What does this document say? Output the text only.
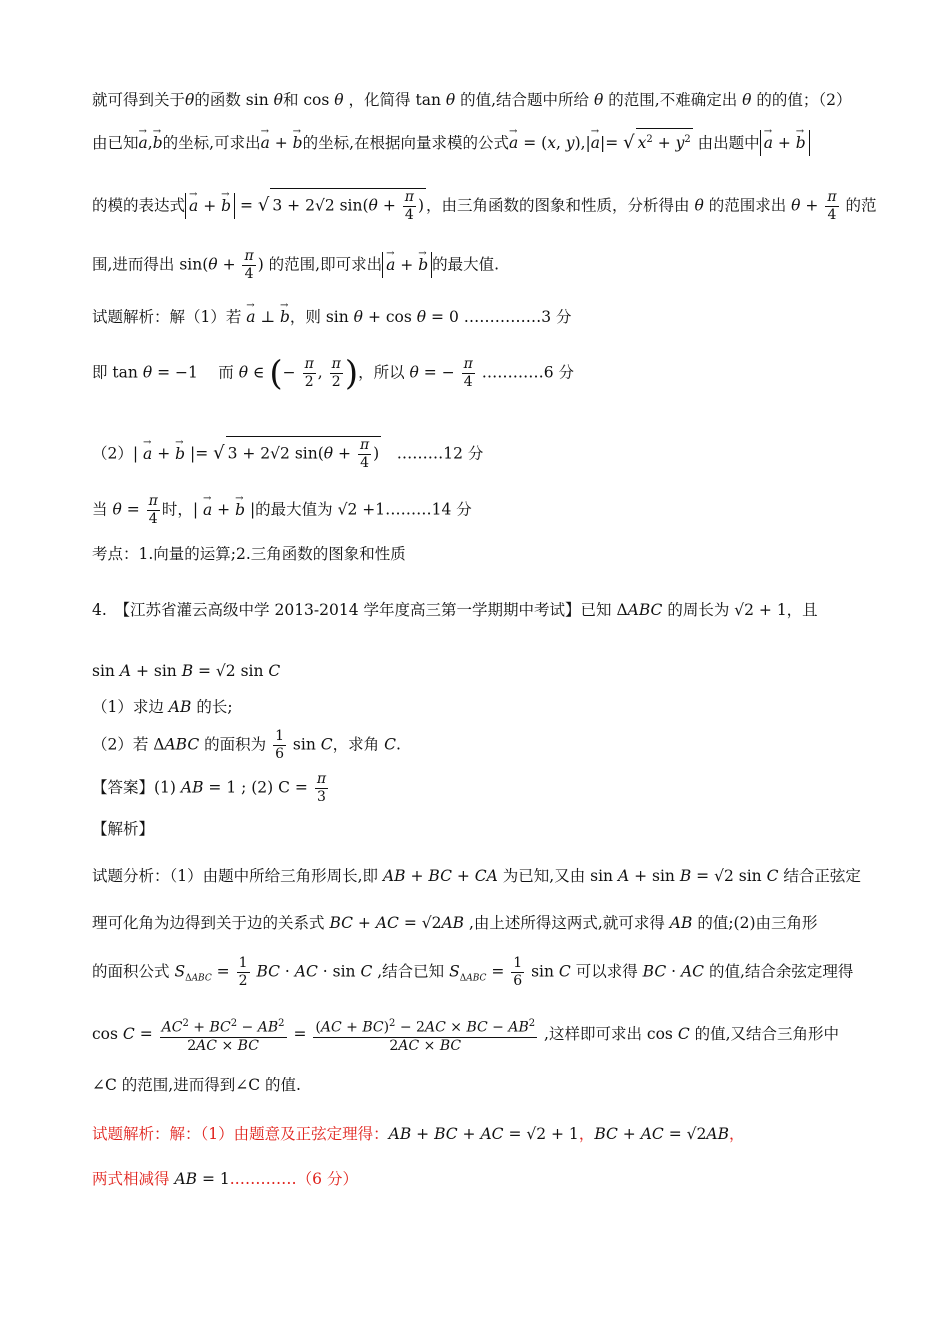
就可得到关于θ的函数 sin θ和 cos θ ，化简得 tan θ 的值,结合题中所给 θ 的范围,不难确定出 θ 的的值；（2）
由已知→ a,→ b的坐标,可求出→ a + → b的坐标,在根据向量求模的公式→ a = (x, y),|→ a|= √ $x^2 + y^2$ 由出题中 → a + → b
的模的表达式 → a + → b = √ 3 + 2√2 $\sin(\theta + \frac{\pi}{4}$ ) ，由三角函数的图象和性质，分析得由 θ 的范围求出 $\theta + \frac{\pi}{4}$ 的范
围,进而得出 $\sin(\theta + \frac{\pi}{4}$ ) 的范围,即可求出 → a + → b 的最大值.
试题解析：解（1）若 → a ⊥ → b，则 sin θ + cos θ = 0 ……………3 分
即 tan θ = −1　 而 θ ∈ (− $\frac{\pi}{2}$ , $\frac{\pi}{2}$ )，所以 θ = − $\frac{\pi}{4}$ …………6 分
（2）| → a + → b |= √ 3 + 2√2 $\sin(\theta + \frac{\pi}{4}$ )　………12 分
当 $\theta = \frac{\pi}{4}$ 时，| → a + → b |的最大值为 √2 +1………14 分
考点：1.向量的运算;2.三角函数的图象和性质
4.　【江苏省灌云高级中学 2013-2014 学年度高三第一学期期中考试】已知 ΔABC 的周长为 √2 + 1，且
sin A + sin B = √2 sin C
（1）求边 AB 的长;
（2）若 ΔABC 的面积为 $\frac{1}{6}$ sin C，求角 C.
【答案】(1) AB = 1 ; (2) $C = \frac{\pi}{3}$
【解析】
试题分析：（1）由题中所给三角形周长,即 AB + BC + CA 为已知,又由 sin A + sin B = √2 sin C 结合正弦定
理可化角为边得到关于边的关系式 BC + AC = √2AB ,由上述所得这两式,就可求得 AB 的值;(2)由三角形
的面积公式 $S_{\Delta ABC} = \frac{1}{2}$ BC · AC · sin C ,结合已知 $S_{\Delta ABC} = \frac{1}{6}$ sin C 可以求得 BC · AC 的值,结合余弦定理得
$\cos C = \frac{AC^2 + BC^2 - AB^2}{2AC \times BC} = \frac{(AC + BC)^2 - 2AC \times BC - AB^2}{2AC \times BC}$ ,这样即可求出 cos C 的值,又结合三角形中
∠C 的范围,进而得到∠C 的值.
试题解析：解：（1）由题意及正弦定理得：AB + BC + AC = √2 + 1，BC + AC = √2AB，
两式相减得 AB = 1.…………（6 分）
